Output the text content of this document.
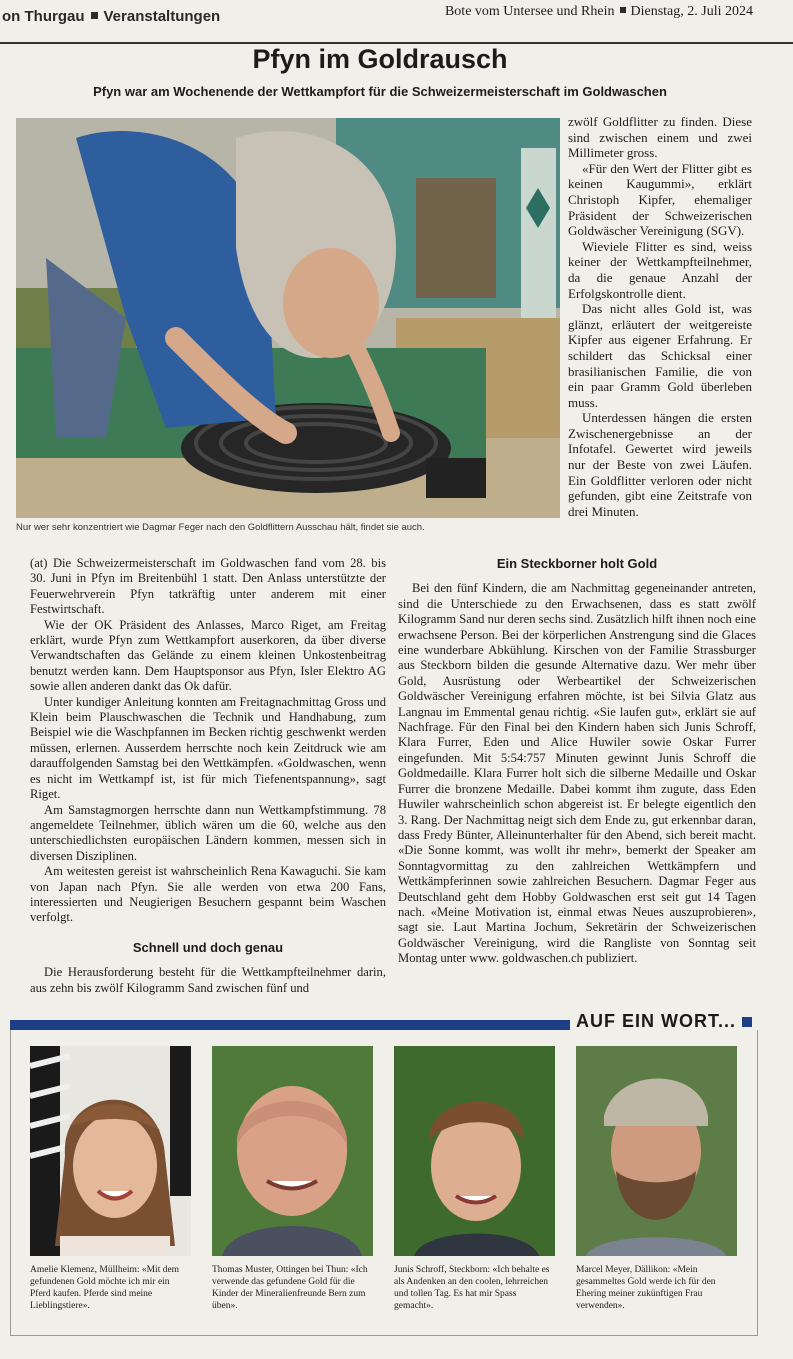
on Thurgau Veranstaltungen	Bote vom Untersee und Rhein Dienstag, 2. Juli 2024
Pfyn im Goldrausch
Pfyn war am Wochenende der Wettkampfort für die Schweizermeisterschaft im Goldwaschen
Nur wer sehr konzentriert wie Dagmar Feger nach den Goldflittern Ausschau hält, findet sie auch.

zwölf Goldflitter zu finden. Diese sind zwischen einem und zwei Millimeter gross.

«Für den Wert der Flitter gibt es keinen Kaugummi», erklärt Christoph Kipfer, ehemaliger Präsident der Schweizerischen Goldwäscher Vereinigung (SGV).

Wieviele Flitter es sind, weiss keiner der Wettkampfteilnehmer, da die genaue Anzahl der Erfolgskontrolle dient.

Das nicht alles Gold ist, was glänzt, erläutert der weitgereiste Kipfer aus eigener Erfahrung. Er schildert das Schicksal einer brasilianischen Familie, die von ein paar Gramm Gold überleben muss.

Unterdessen hängen die ersten Zwischenergebnisse an der Infotafel. Gewertet wird jeweils nur der Beste von zwei Läufen. Ein Goldflitter verloren oder nicht gefunden, gibt eine Zeitstrafe von drei Minuten.

(at) Die Schweizermeisterschaft im Goldwaschen fand vom 28. bis 30. Juni in Pfyn im Breitenbühl 1 statt. Den Anlass unterstützte der Feuerwehrverein Pfyn tatkräftig unter anderem mit einer Festwirtschaft.

Wie der OK Präsident des Anlasses, Marco Riget, am Freitag erklärt, wurde Pfyn zum Wettkampfort auserkoren, da über diverse Verwandtschaften das Gelände zu einem kleinen Unkostenbeitrag benutzt werden kann. Dem Hauptsponsor aus Pfyn, Isler Elektro AG sowie allen anderen dankt das Ok dafür.

Unter kundiger Anleitung konnten am Freitagnachmittag Gross und Klein beim Plauschwaschen die Technik und Handhabung, zum Beispiel wie die Waschpfannen im Becken richtig geschwenkt werden müssen, erlernen. Ausserdem herrschte noch kein Zeitdruck wie am darauffolgenden Samstag bei den Wettkämpfen. «Goldwaschen, wenn es nicht im Wettkampf ist, ist für mich Tiefenentspannung», sagt Riget.

Am Samstagmorgen herrschte dann nun Wettkampfstimmung. 78 angemeldete Teilnehmer, üblich wären um die 60, welche aus den unterschiedlichsten europäischen Ländern kommen, messen sich in diversen Disziplinen.

Am weitesten gereist ist wahrscheinlich Rena Kawaguchi. Sie kam von Japan nach Pfyn. Sie alle werden von etwa 200 Fans, interessierten und Neugierigen Besuchern gespannt beim Waschen verfolgt.

Schnell und doch genau

Die Herausforderung besteht für die Wettkampfteilnehmer darin, aus zehn bis zwölf Kilogramm Sand zwischen fünf und

Ein Steckborner holt Gold

Bei den fünf Kindern, die am Nachmittag gegeneinander antreten, sind die Unterschiede zu den Erwachsenen, dass es statt zwölf Kilogramm Sand nur deren sechs sind. Zusätzlich hilft ihnen noch eine erwachsene Person. Bei der körperlichen Anstrengung sind die Glaces eine wunderbare Abkühlung. Kirschen von der Familie Strassburger aus Steckborn bilden die gesunde Alternative dazu. Wer mehr über Gold, Ausrüstung oder Werbeartikel der Schweizerischen Goldwäscher Vereinigung erfahren möchte, ist bei Silvia Glatz aus Langnau im Emmental genau richtig. «Sie laufen gut», erklärt sie auf Nachfrage. Für den Final bei den Kindern haben sich Junis Schroff, Klara Furrer, Eden und Alice Huwiler sowie Oskar Furrer eingefunden. Mit 5:54:757 Minuten gewinnt Junis Schroff die Goldmedaille. Klara Furrer holt sich die silberne Medaille und Oskar Furrer die bronzene Medaille. Dabei kommt ihm zugute, dass Eden Huwiler wahrscheinlich schon abgereist ist. Er belegte eigentlich den 3. Rang. Der Nachmittag neigt sich dem Ende zu, gut erkennbar daran, dass Fredy Bünter, Alleinunterhalter für den Abend, sich bereit macht. «Die Sonne kommt, was wollt ihr mehr», bemerkt der Speaker am Sonntagvormittag zu den zahlreichen Wettkämpfern und Wettkämpferinnen sowie zahlreichen Besuchern. Dagmar Feger aus Deutschland geht dem Hobby Goldwaschen erst seit gut 14 Tagen nach. «Meine Motivation ist, einmal etwas Neues auszuprobieren», sagt sie. Laut Martina Jochum, Sekretärin der Schweizerischen Goldwäscher Vereinigung, wird die Rangliste von Sonntag seit Montag unter www. goldwaschen.ch publiziert.

AUF EIN WORT...
Amelie Klemenz, Müllheim: «Mit dem gefundenen Gold möchte ich mir ein Pferd kaufen. Pferde sind meine Lieblingstiere».
Thomas Muster, Ottingen bei Thun: «Ich verwende das gefundene Gold für die Kinder der Mineralienfreunde Bern zum üben».
Junis Schroff, Steckborn: «Ich behalte es als Andenken an den coolen, lehrreichen und tollen Tag. Es hat mir Spass gemacht».
Marcel Meyer, Dällikon: «Mein gesammeltes Gold werde ich für den Ehering meiner zukünftigen Frau verwenden».
